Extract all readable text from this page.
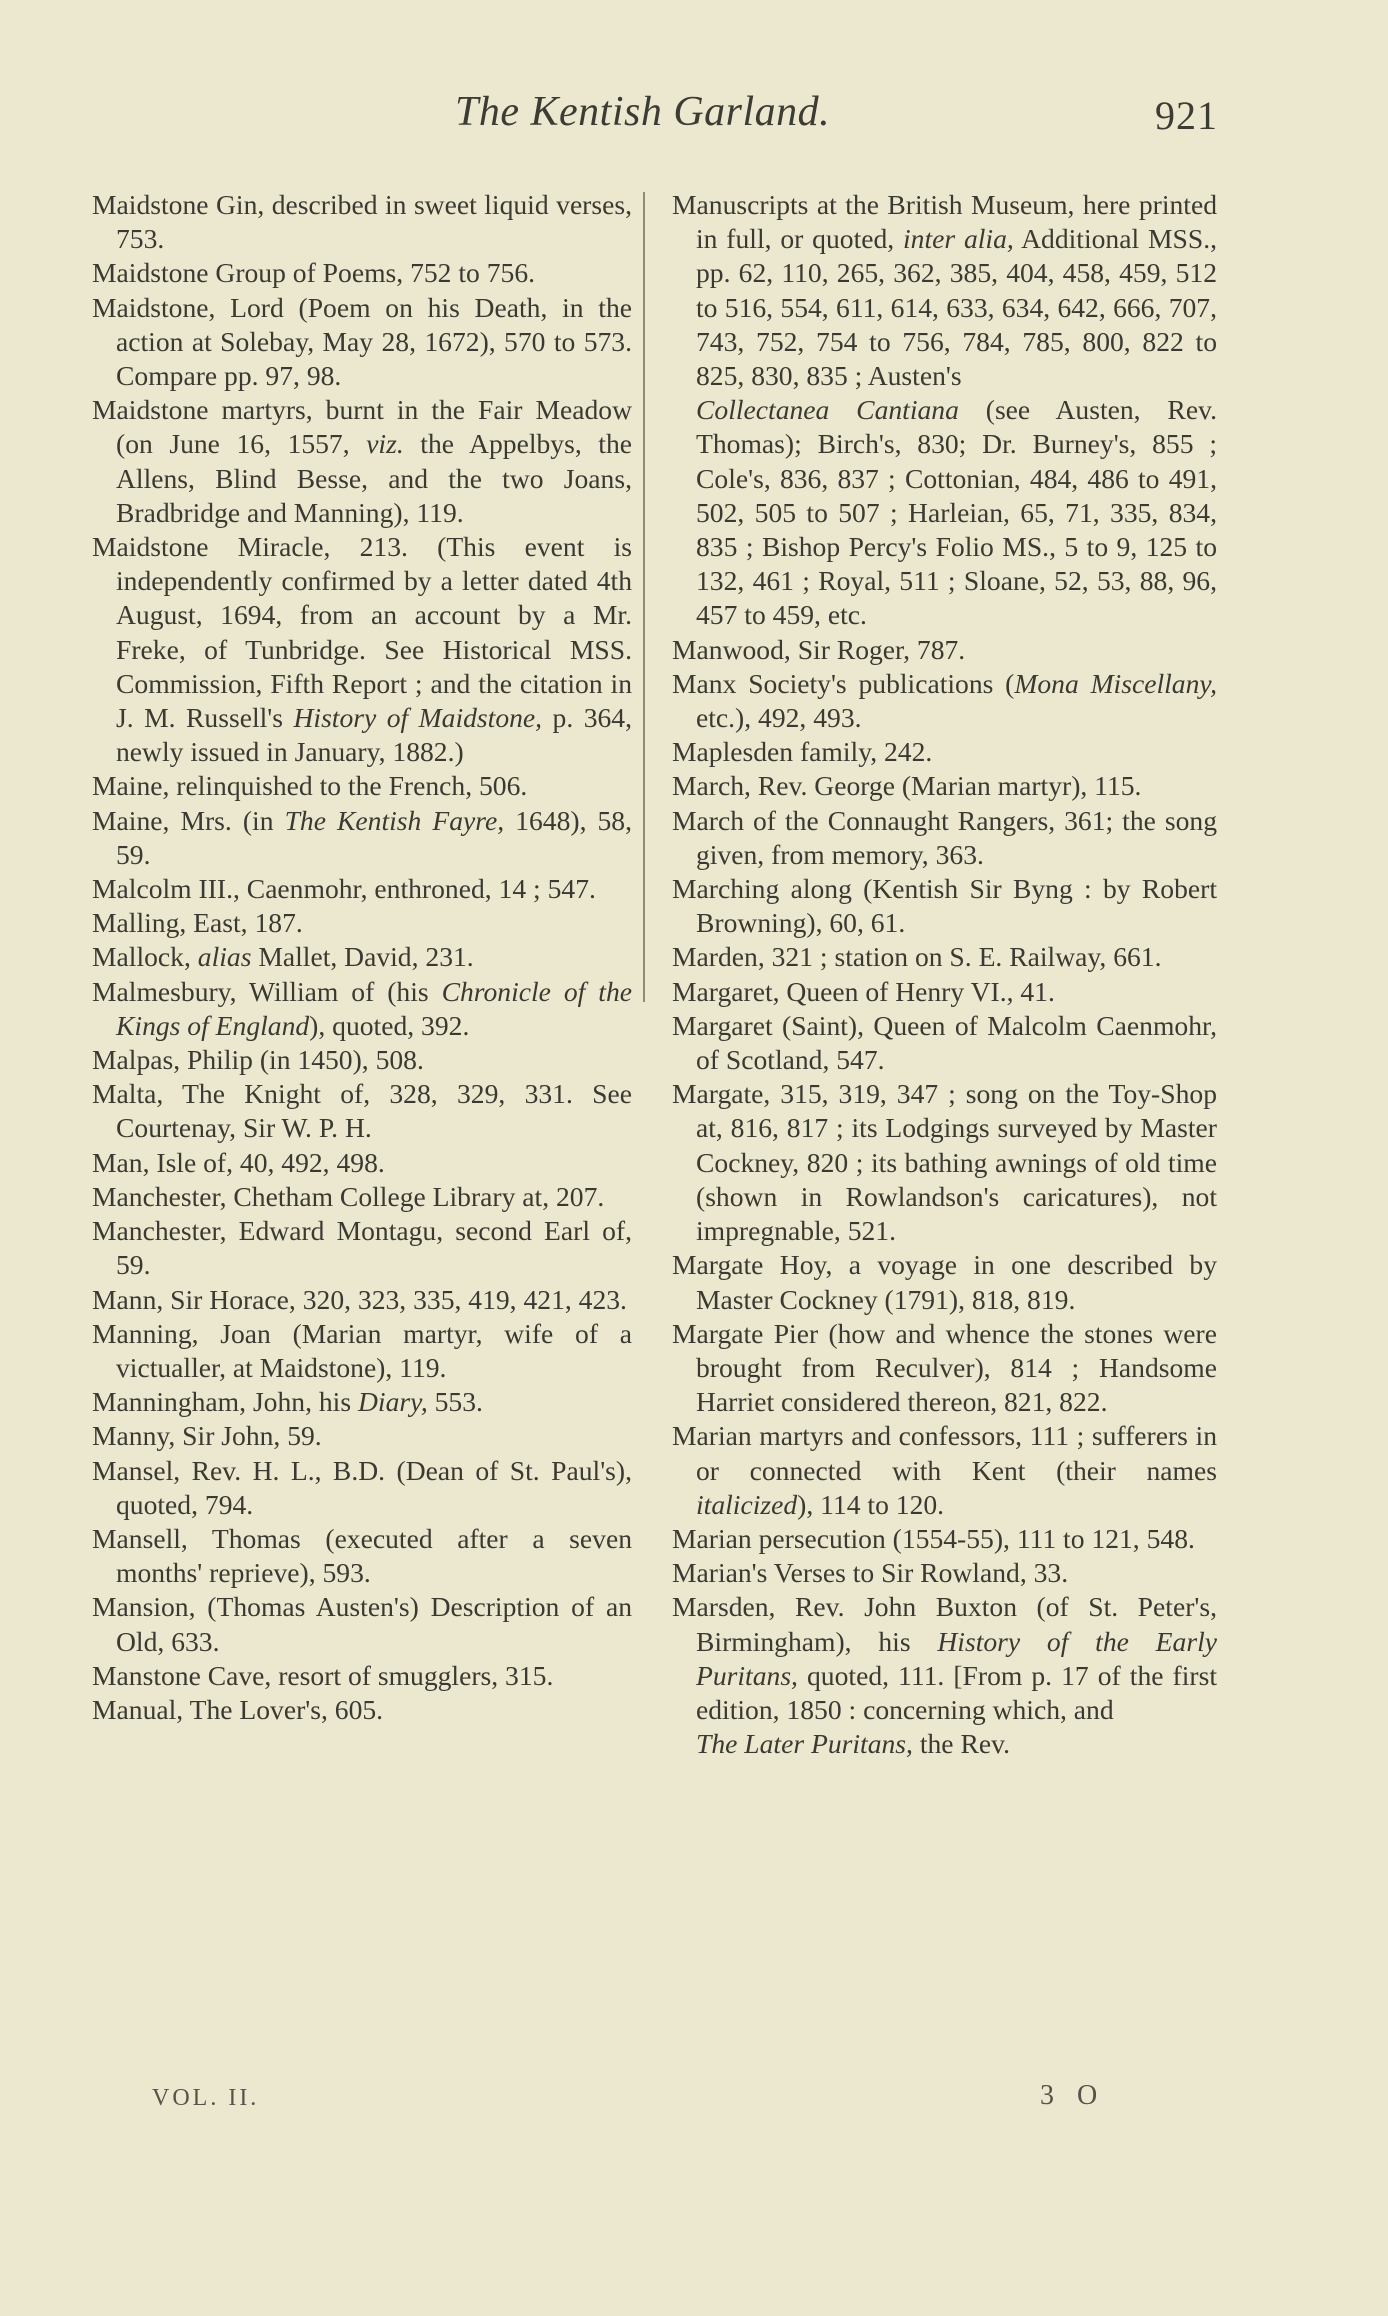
The Kentish Garland.	921

Maidstone Gin, described in sweet liquid verses, 753.

Maidstone Group of Poems, 752 to 756.

Maidstone, Lord (Poem on his Death, in the action at Solebay, May 28, 1672), 570 to 573. Compare pp. 97, 98.

Maidstone martyrs, burnt in the Fair Meadow (on June 16, 1557, viz. the Appelbys, the Allens, Blind Besse, and the two Joans, Bradbridge and Manning), 119.

Maidstone Miracle, 213. (This event is independently confirmed by a letter dated 4th August, 1694, from an account by a Mr. Freke, of Tunbridge. See Historical MSS. Commission, Fifth Report ; and the citation in J. M. Russell's History of Maidstone, p. 364, newly issued in January, 1882.)

Maine, relinquished to the French, 506.

Maine, Mrs. (in The Kentish Fayre, 1648), 58, 59.

Malcolm III., Caenmohr, enthroned, 14 ; 547.

Malling, East, 187.

Mallock, alias Mallet, David, 231.

Malmesbury, William of (his Chronicle of the Kings of England), quoted, 392.

Malpas, Philip (in 1450), 508.

Malta, The Knight of, 328, 329, 331. See Courtenay, Sir W. P. H.

Man, Isle of, 40, 492, 498.

Manchester, Chetham College Library at, 207.

Manchester, Edward Montagu, second Earl of, 59.

Mann, Sir Horace, 320, 323, 335, 419, 421, 423.

Manning, Joan (Marian martyr, wife of a victualler, at Maidstone), 119.

Manningham, John, his Diary, 553.

Manny, Sir John, 59.

Mansel, Rev. H. L., B.D. (Dean of St. Paul's), quoted, 794.

Mansell, Thomas (executed after a seven months' reprieve), 593.

Mansion, (Thomas Austen's) Description of an Old, 633.

Manstone Cave, resort of smugglers, 315.

Manual, The Lover's, 605.

Manuscripts at the British Museum, here printed in full, or quoted, inter alia, Additional MSS., pp. 62, 110, 265, 362, 385, 404, 458, 459, 512 to 516, 554, 611, 614, 633, 634, 642, 666, 707, 743, 752, 754 to 756, 784, 785, 800, 822 to 825, 830, 835 ; Austen's

Collectanea Cantiana (see Austen, Rev. Thomas); Birch's, 830; Dr. Burney's, 855 ; Cole's, 836, 837 ; Cottonian, 484, 486 to 491, 502, 505 to 507 ; Harleian, 65, 71, 335, 834, 835 ; Bishop Percy's Folio MS., 5 to 9, 125 to 132, 461 ; Royal, 511 ; Sloane, 52, 53, 88, 96, 457 to 459, etc.

Manwood, Sir Roger, 787.

Manx Society's publications (Mona Miscellany, etc.), 492, 493.

Maplesden family, 242.

March, Rev. George (Marian martyr), 115.

March of the Connaught Rangers, 361; the song given, from memory, 363.

Marching along (Kentish Sir Byng : by Robert Browning), 60, 61.

Marden, 321 ; station on S. E. Railway, 661.

Margaret, Queen of Henry VI., 41.

Margaret (Saint), Queen of Malcolm Caenmohr, of Scotland, 547.

Margate, 315, 319, 347 ; song on the Toy-Shop at, 816, 817 ; its Lodgings surveyed by Master Cockney, 820 ; its bathing awnings of old time (shown in Rowlandson's caricatures), not impregnable, 521.

Margate Hoy, a voyage in one described by Master Cockney (1791), 818, 819.

Margate Pier (how and whence the stones were brought from Reculver), 814 ; Handsome Harriet considered thereon, 821, 822.

Marian martyrs and confessors, 111 ; sufferers in or connected with Kent (their names italicized), 114 to 120.

Marian persecution (1554-55), 111 to 121, 548.

Marian's Verses to Sir Rowland, 33.

Marsden, Rev. John Buxton (of St. Peter's, Birmingham), his History of the Early Puritans, quoted, 111. [From p. 17 of the first edition, 1850 : concerning which, and

The Later Puritans, the Rev.

VOL. II.	3 O
